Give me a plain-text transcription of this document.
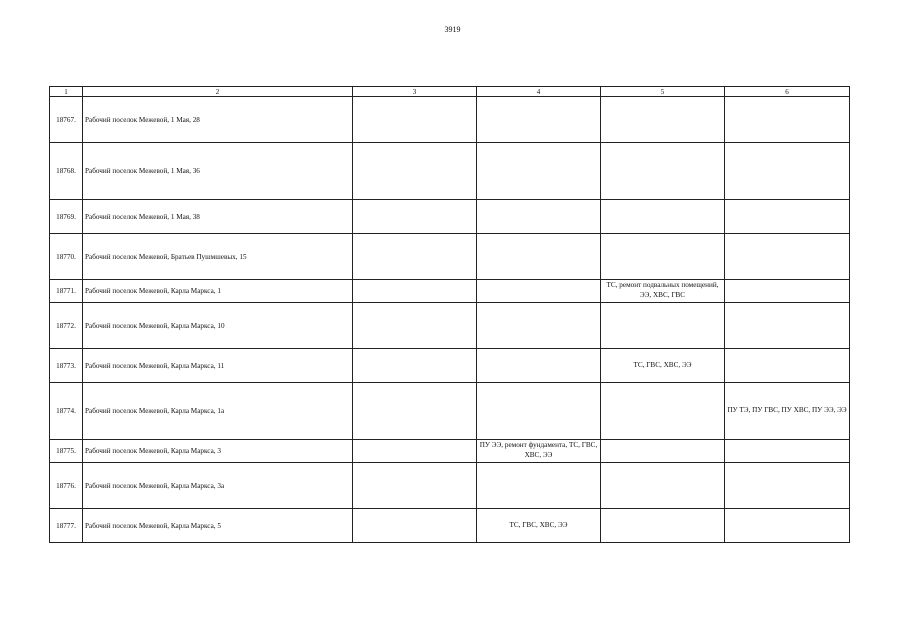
3919
1	2	3	4	5	6
18767.	Рабочий поселок Межевой, 1 Мая, 28				
18768.	Рабочий поселок Межевой, 1 Мая, 36				
18769.	Рабочий поселок Межевой, 1 Мая, 38				
18770.	Рабочий поселок Межевой, Братьев Пушмшевых, 15				
18771.	Рабочий поселок Межевой, Карла Маркса, 1			ТС, ремонт подвальных помещений, ЭЭ, ХВС, ГВС	
18772.	Рабочий поселок Межевой, Карла Маркса, 10				
18773.	Рабочий поселок Межевой, Карла Маркса, 11			ТС, ГВС, ХВС, ЭЭ	
18774.	Рабочий поселок Межевой, Карла Маркса, 1а				ПУ ТЭ, ПУ ГВС, ПУ ХВС, ПУ ЭЭ, ЭЭ
18775.	Рабочий поселок Межевой, Карла Маркса, 3		ПУ ЭЭ, ремонт фундамента, ТС, ГВС, ХВС, ЭЭ		
18776.	Рабочий поселок Межевой, Карла Маркса, 3а				
18777.	Рабочий поселок Межевой, Карла Маркса, 5		ТС, ГВС, ХВС, ЭЭ		
